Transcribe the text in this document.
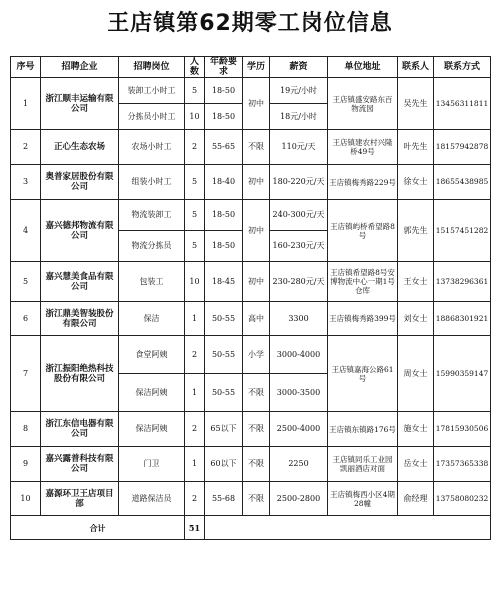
王店镇第62期零工岗位信息
序号	招聘企业	招聘岗位	人数	年龄要求	学历	薪资	单位地址	联系人	联系方式
1	浙江顺丰运输有限公司	装卸工小时工	5	18-50	初中	19元/小时	王店镇盛安路东百物流园	吴先生	13456311811
		分拣员小时工	10	18-50		18元/小时			
2	正心生态农场	农场小时工	2	55-65	不限	110元/天	王店镇建农村兴隆桥49号	叶先生	18157942878
3	奥普家居股份有限公司	组装小时工	5	18-40	初中	180-220元/天	王店镇梅秀路229号	徐女士	18655438985
4	嘉兴德邦物流有限公司	物流装卸工	5	18-50	初中	240-300元/天	王店镇屿桥希望路8号	郭先生	15157451282
		物流分拣员	5	18-50		160-230元/天			
5	嘉兴慧美食品有限公司	包装工	10	18-45	初中	230-280元/天	王店镇希望路8号安博物流中心一期1号仓库	王女士	13738296361
6	浙江鼎美智装股份有限公司	保洁	1	50-55	高中	3300	王店镇梅秀路399号	刘女士	18868301921
7	浙江振阳绝热科技股份有限公司	食堂阿姨	2	50-55	小学	3000-4000	王店镇嘉海公路61号	周女士	15990359147
		保洁阿姨	1	50-55	不限	3000-3500			
8	浙江东信电器有限公司	保洁阿姨	2	65以下	不限	2500-4000	王店镇东镇路176号	施女士	17815930506
9	嘉兴露普科技有限公司	门卫	1	60以下	不限	2250	王店镇同乐工业园凯丽酒店对面	岳女士	17357365338
10	嘉源环卫王店项目部	道路保洁员	2	55-68	不限	2500-2800	王店镇梅西小区4期28幢	俞经理	13758080232
合计			51						
